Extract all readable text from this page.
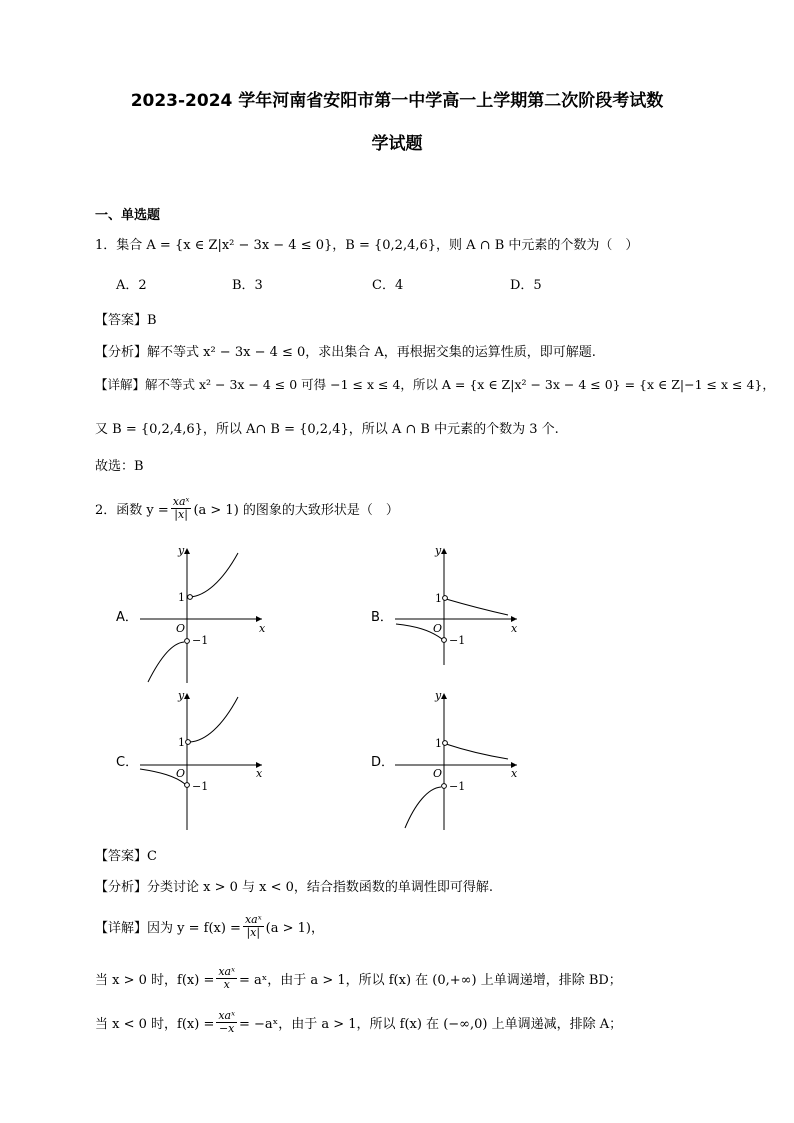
2023-2024 学年河南省安阳市第一中学高一上学期第二次阶段考试数
学试题
一、单选题
1．集合 A = {x ∈ Z|x² − 3x − 4 ≤ 0}，B = {0,2,4,6}，则 A ∩ B 中元素的个数为（　）
A．2	B．3	C．4	D．5
【答案】B
【分析】解不等式 x² − 3x − 4 ≤ 0，求出集合 A，再根据交集的运算性质，即可解题.
【详解】解不等式 x² − 3x − 4 ≤ 0 可得 −1 ≤ x ≤ 4，所以 A = {x ∈ Z|x² − 3x − 4 ≤ 0} = {x ∈ Z|−1 ≤ x ≤ 4}，
又 B = {0,2,4,6}，所以 A∩ B = {0,2,4}，所以 A ∩ B 中元素的个数为 3 个.
故选：B
2．函数 $y = \frac{\text{xaˣ}}{|x|} (a > 1)$ 的图象的大致形状是（　）
A．
y
x
O
1
−1
B．
y
x
O
1
−1
C．
y
x
O
1
−1
D．
y
x
O
1
−1
【答案】C
【分析】分类讨论 x > 0 与 x < 0，结合指数函数的单调性即可得解.
【详解】因为 $y = f(x) = \frac{\text{xaˣ}}{|x|} (a > 1)$，
当 x > 0 时，$f(x) = \frac{\text{xaˣ}}{x}$ = aˣ，由于 a > 1，所以 f(x) 在 (0,+∞) 上单调递增，排除 BD；
当 x < 0 时，$f(x) = \frac{\text{xaˣ}}{-x}$ = −aˣ，由于 a > 1，所以 f(x) 在 (−∞,0) 上单调递减，排除 A；
